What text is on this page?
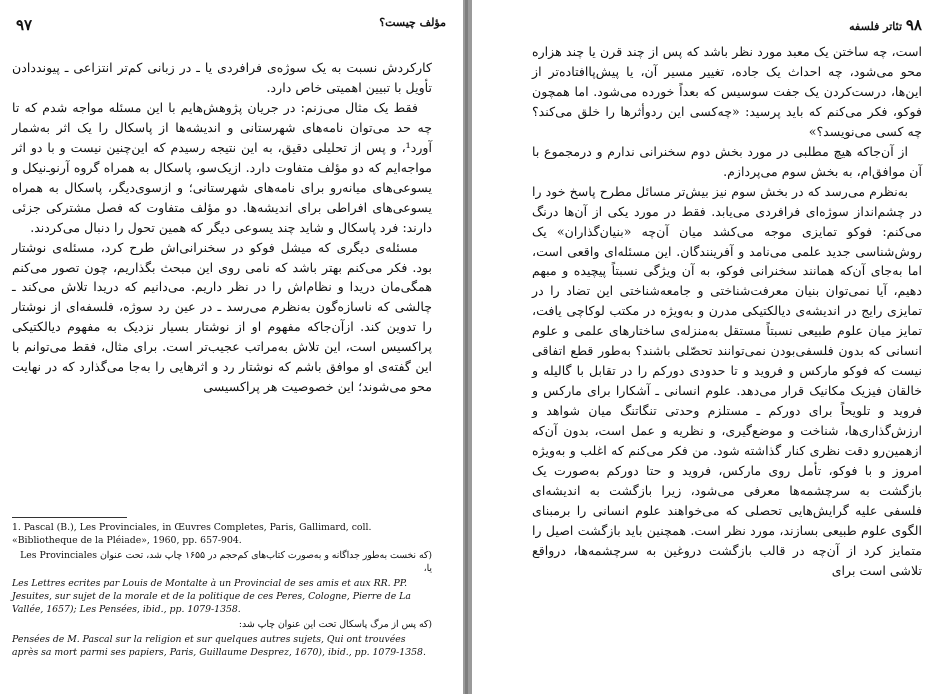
مؤلف چیست؟
۹۷

کارکردش نسبت به یک سوژه‌ی فرافردی یا ـ در زبانی کم‌تر انتزاعی ـ پیونددادن تأویل با تبیین اهمیتی خاص دارد.

فقط یک مثال می‌زنم: در جریان پژوهش‌هایم با این مسئله مواجه شدم که تا چه حد می‌توان نامه‌های شهرستانی و اندیشه‌ها از پاسکال را یک اثر به‌شمار آورد¹، و پس از تحلیلی دقیق، به این نتیجه رسیدم که این‌چنین نیست و با دو اثر مواجه‌ایم که دو مؤلف متفاوت دارد. ازیک‌سو، پاسکال به همراه گروه آرنو‌ـ‌نیکل و یسوعی‌های میانه‌رو برای نامه‌های شهرستانی؛ و ازسوی‌دیگر، پاسکال به همراه یسوعی‌های افراطی برای اندیشه‌ها. دو مؤلف متفاوت که فصل مشترکی جزئی دارند: فرد پاسکال و شاید چند یسوعی دیگر که همین تحول را دنبال می‌کردند.

مسئله‌ی دیگری که میشل فوکو در سخنرانی‌اش طرح کرد، مسئله‌ی نوشتار بود. فکر می‌کنم بهتر باشد که نامی روی این مبحث بگذاریم، چون تصور می‌کنم همگی‌مان دریدا و نظام‌اش را در نظر داریم. می‌دانیم که دریدا تلاش می‌کند ـ چالشی که ناسازه‌گون به‌نظرم می‌رسد ـ در عین رد سوژه، فلسفه‌ای از نوشتار را تدوین کند. ازآن‌جاکه مفهوم او از نوشتار بسیار نزدیک به مفهوم دیالکتیکی پراکسیس است، این تلاش به‌مراتب عجیب‌تر است. برای مثال، فقط می‌توانم با این گفته‌ی او موافق باشم که نوشتار رد و اثرهایی را به‌جا می‌گذارد که در نهایت محو می‌شوند؛ این خصوصیت هر پراکسیسی

1. Pascal (B.), Les Provinciales, in Œuvres Completes, Paris, Gallimard, coll. «Bibliotheque de la Pléiade», 1960, pp. 657-904.

(که نخست به‌طور جداگانه و به‌صورت کتاب‌های کم‌حجم در ۱۶۵۵ چاپ شد، تحت عنوان Les Provinciales یا،

Les Lettres ecrites par Louis de Montalte à un Provincial de ses amis et aux RR. PP. Jesuites, sur sujet de la morale et de la politique de ces Peres, Cologne, Pierre de La Vallée, 1657); Les Pensées, ibid., pp. 1079-1358.

(که پس از مرگ پاسکال تحت این عنوان چاپ شد:

Pensées de M. Pascal sur la religion et sur quelques autres sujets, Qui ont trouvées après sa mort parmi ses papiers, Paris, Guillaume Desprez, 1670), ibid., pp. 1079-1358.

۹۸ تئاتر فلسفه

است، چه ساختن یک معبد مورد نظر باشد که پس از چند قرن یا چند هزاره محو می‌شود، چه احداث یک جاده، تغییر مسیر آن، یا پیش‌پاافتاده‌تر از این‌ها، درست‌کردن یک جفت سوسیس که بعداً خورده می‌شود. اما همچون فوکو، فکر می‌کنم که باید پرسید: «چه‌کسی این ردوأثرها را خلق می‌کند؟ چه کسی می‌نویسد؟»

از آن‌جاکه هیچ مطلبی در مورد بخش دوم سخنرانی ندارم و درمجموع با آن موافق‌ام، به بخش سوم می‌پردازم.

به‌نظرم می‌رسد که در بخش سوم نیز بیش‌تر مسائل مطرح پاسخ خود را در چشم‌انداز سوژه‌ای فرافردی می‌یابد. فقط در مورد یکی از آن‌ها درنگ می‌کنم: فوکو تمایزی موجه می‌کشد میان آن‌چه «بنیان‌گذاران» یک روش‌شناسی جدید علمی می‌نامد و آفرینندگان. این مسئله‌ای واقعی است، اما به‌جای آن‌که همانند سخنرانی فوکو، به آن ویژگی نسبتاً پیچیده و مبهم دهیم، آیا نمی‌توان بنیان معرفت‌شناختی و جامعه‌شناختی این تضاد را در تمایزی رایج در اندیشه‌ی دیالکتیکی مدرن و به‌ویژه در مکتب لوکاچی یافت، تمایز میان علوم طبیعی نسبتاً مستقل به‌منزله‌ی ساختارهای علمی و علوم انسانی که بدون فلسفی‌بودن نمی‌توانند تحصّلی باشند؟ به‌طور قطع اتفاقی نیست که فوکو مارکس و فروید و تا حدودی دورکم را در تقابل با گالیله و خالقان فیزیک مکانیک قرار می‌دهد. علوم انسانی ـ آشکارا برای مارکس و فروید و تلویحاً برای دورکم ـ مستلزم وحدتی تنگاتنگ میان شواهد و ارزش‌گذاری‌ها، شناخت و موضع‌گیری، و نظریه و عمل است، بدون آن‌که ازهمین‌رو دقت نظری کنار گذاشته شود. من فکر می‌کنم که اغلب و به‌ویژه امروز و با فوکو، تأمل روی مارکس، فروید و حتا دورکم به‌صورت یک بازگشت به سرچشمه‌ها معرفی می‌شود، زیرا بازگشت به اندیشه‌ای فلسفی علیه گرایش‌هایی تحصلی که می‌خواهند علوم انسانی را برمبنای الگوی علوم طبیعی بسازند، مورد نظر است. همچنین باید بازگشت اصیل را متمایز کرد از آن‌چه در قالب بازگشت دروغین به سرچشمه‌ها، درواقع تلاشی است برای
